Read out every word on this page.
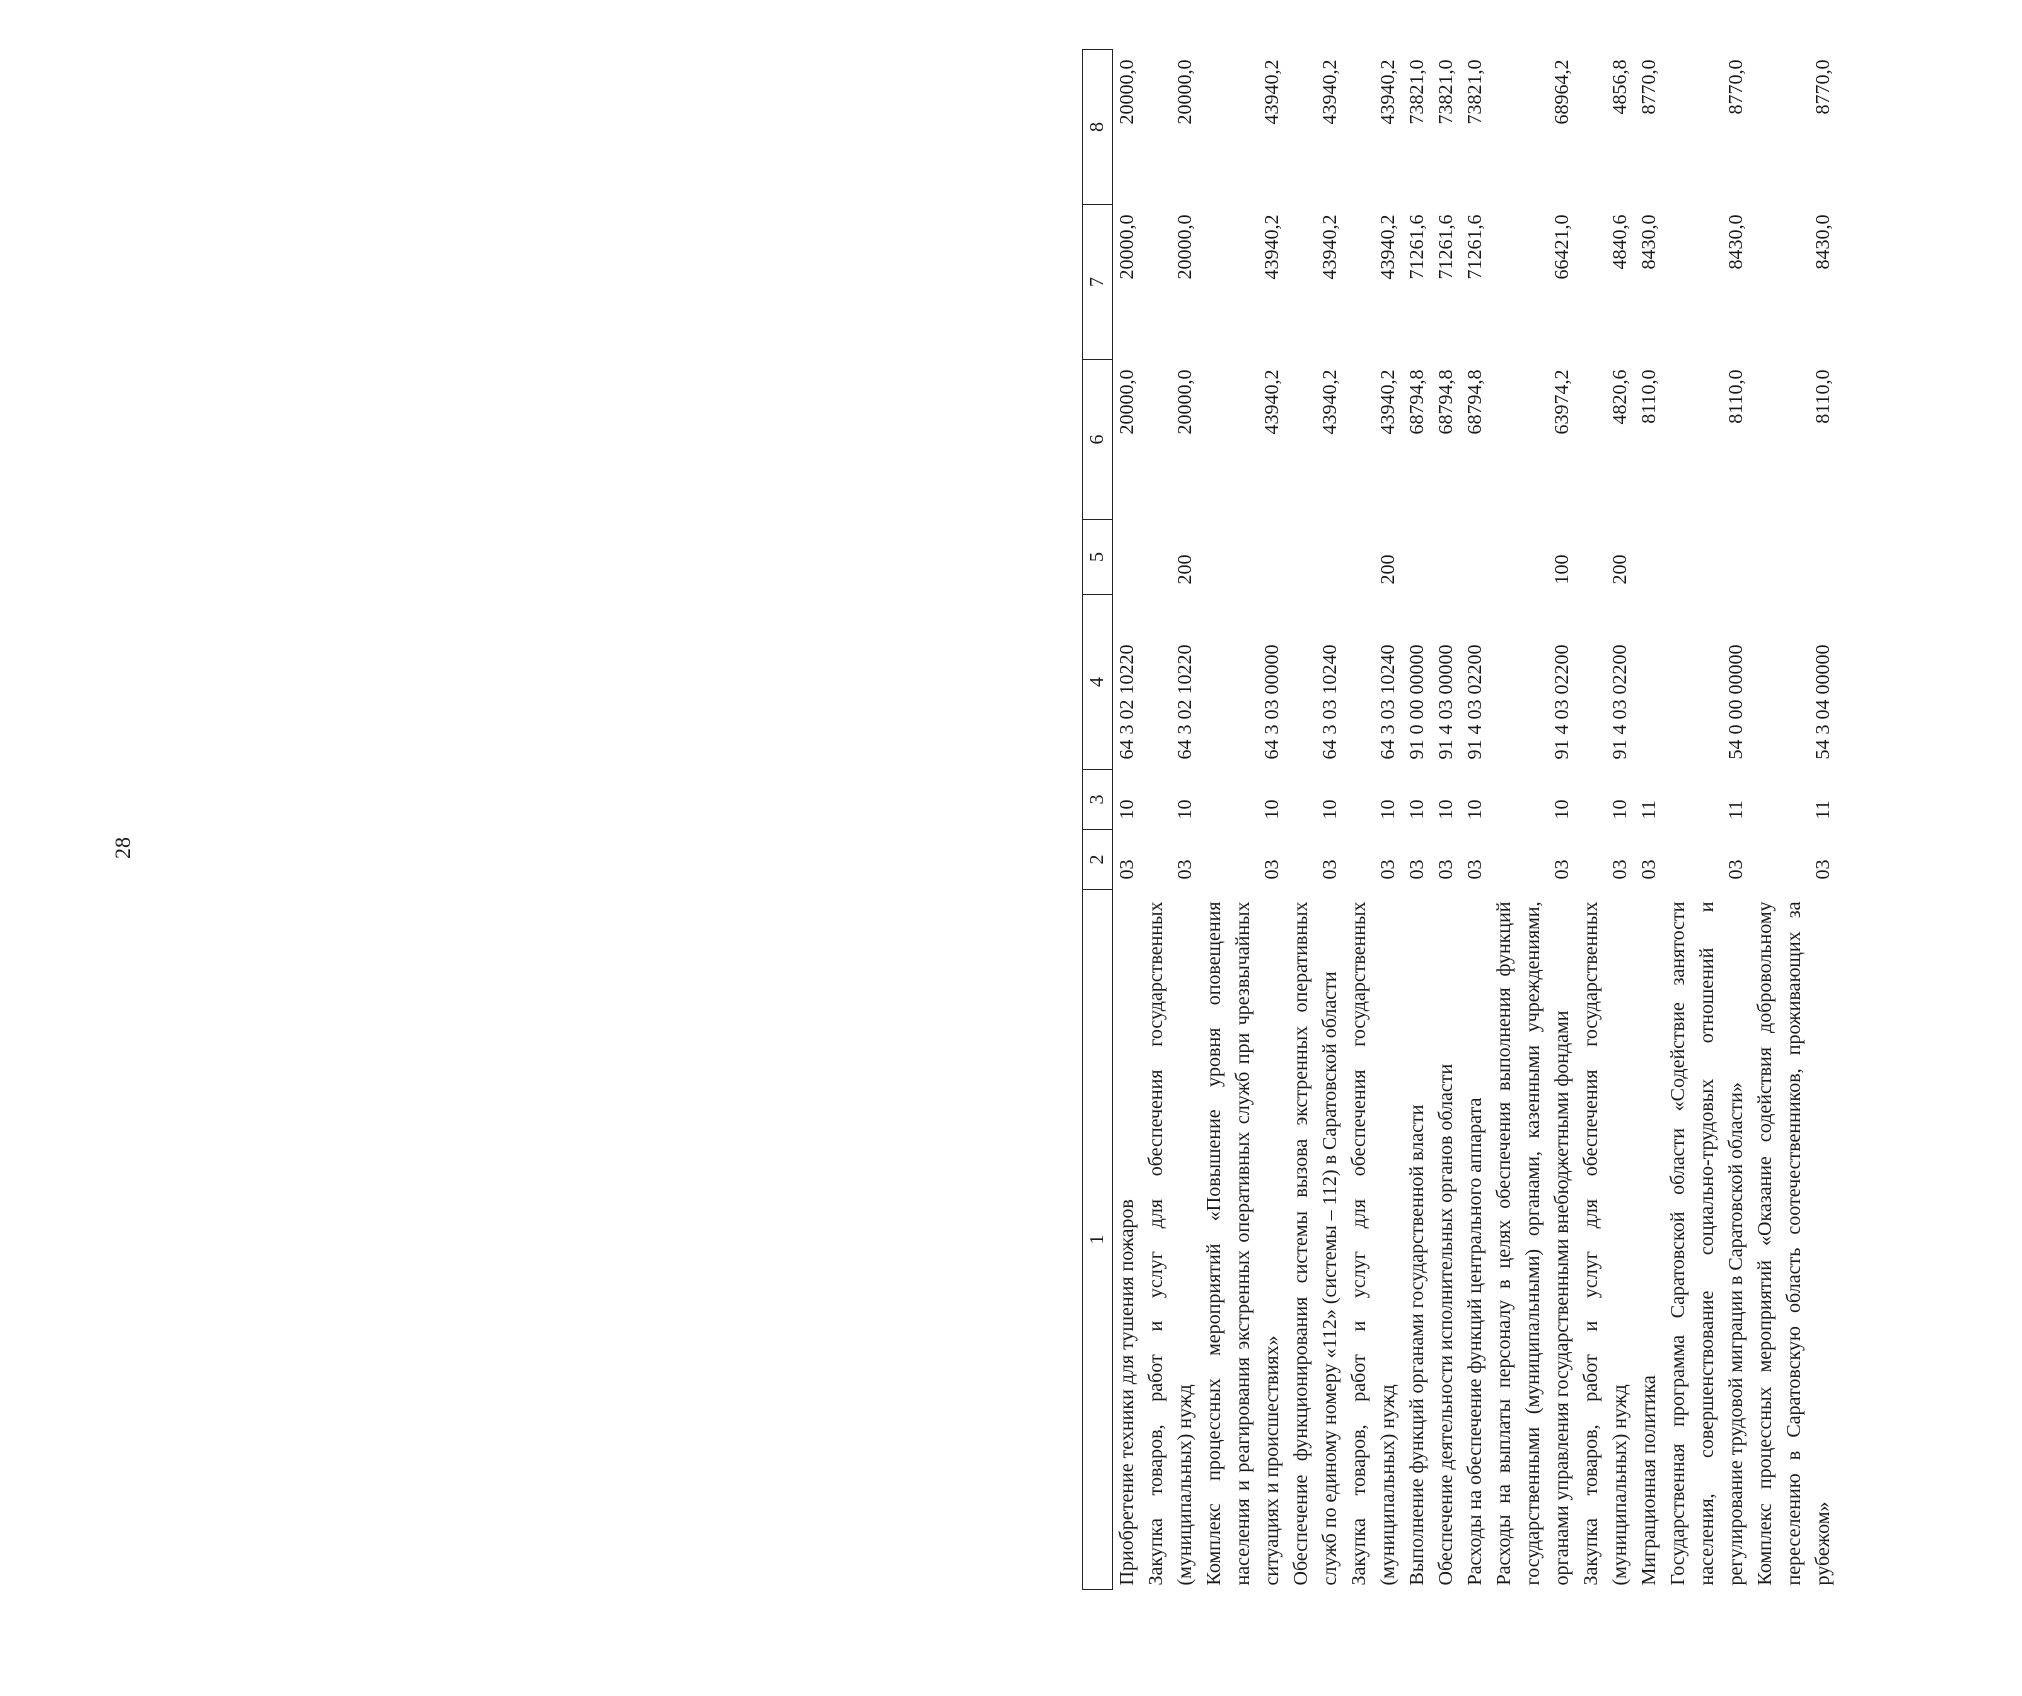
28
1	2	3	4	5	6	7	8
Приобретение техники для тушения пожаров	03	10	64 3 02 10220		20000,0	20000,0	20000,0
Закупка товаров, работ и услуг для обеспечения государственных (муниципальных) нужд	03	10	64 3 02 10220	200	20000,0	20000,0	20000,0
Комплекс процессных мероприятий «Повышение уровня оповещения населения и реагирования экстренных оперативных служб при чрезвычайных ситуациях и происшествиях»	03	10	64 3 03 00000		43940,2	43940,2	43940,2
Обеспечение функционирования системы вызова экстренных оперативных служб по единому номеру «112» (системы – 112) в Саратовской области	03	10	64 3 03 10240		43940,2	43940,2	43940,2
Закупка товаров, работ и услуг для обеспечения государственных (муниципальных) нужд	03	10	64 3 03 10240	200	43940,2	43940,2	43940,2
Выполнение функций органами государственной власти	03	10	91 0 00 00000		68794,8	71261,6	73821,0
Обеспечение деятельности исполнительных органов области	03	10	91 4 03 00000		68794,8	71261,6	73821,0
Расходы на обеспечение функций центрального аппарата	03	10	91 4 03 02200		68794,8	71261,6	73821,0
Расходы на выплаты персоналу в целях обеспечения выполнения функций государственными (муниципальными) органами, казенными учреждениями, органами управления государственными внебюджетными фондами	03	10	91 4 03 02200	100	63974,2	66421,0	68964,2
Закупка товаров, работ и услуг для обеспечения государственных (муниципальных) нужд	03	10	91 4 03 02200	200	4820,6	4840,6	4856,8
Миграционная политика	03	11			8110,0	8430,0	8770,0
Государственная программа Саратовской области «Содействие занятости населения, совершенствование социально-трудовых отношений и регулирование трудовой миграции в Саратовской области»	03	11	54 0 00 00000		8110,0	8430,0	8770,0
Комплекс процессных мероприятий «Оказание содействия добровольному переселению в Саратовскую область соотечественников, проживающих за рубежом»	03	11	54 3 04 00000		8110,0	8430,0	8770,0
